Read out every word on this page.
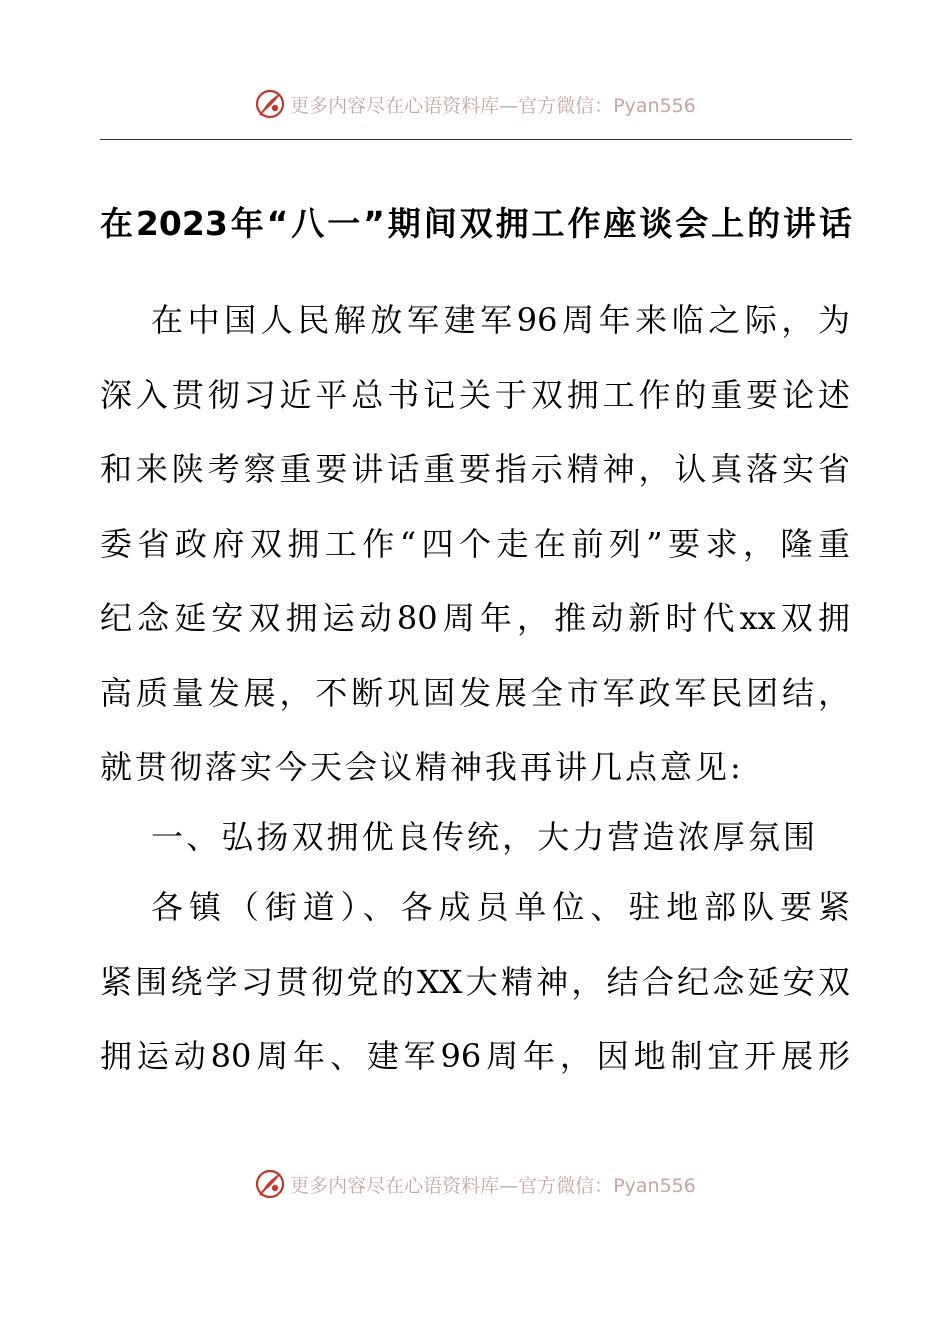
更多内容尽在心语资料库—官方微信：Pyan556
在2023年“八一”期间双拥工作座谈会上的讲话
在中国人民解放军建军96周年来临之际，为
深入贯彻习近平总书记关于双拥工作的重要论述
和来陕考察重要讲话重要指示精神，认真落实省
委省政府双拥工作“四个走在前列”要求，隆重
纪念延安双拥运动80周年，推动新时代xx双拥
高质量发展，不断巩固发展全市军政军民团结，
就贯彻落实今天会议精神我再讲几点意见:
一、弘扬双拥优良传统，大力营造浓厚氛围
各镇（街道）、各成员单位、驻地部队要紧
紧围绕学习贯彻党的XX大精神，结合纪念延安双
拥运动80周年、建军96周年，因地制宜开展形
更多内容尽在心语资料库—官方微信：Pyan556
